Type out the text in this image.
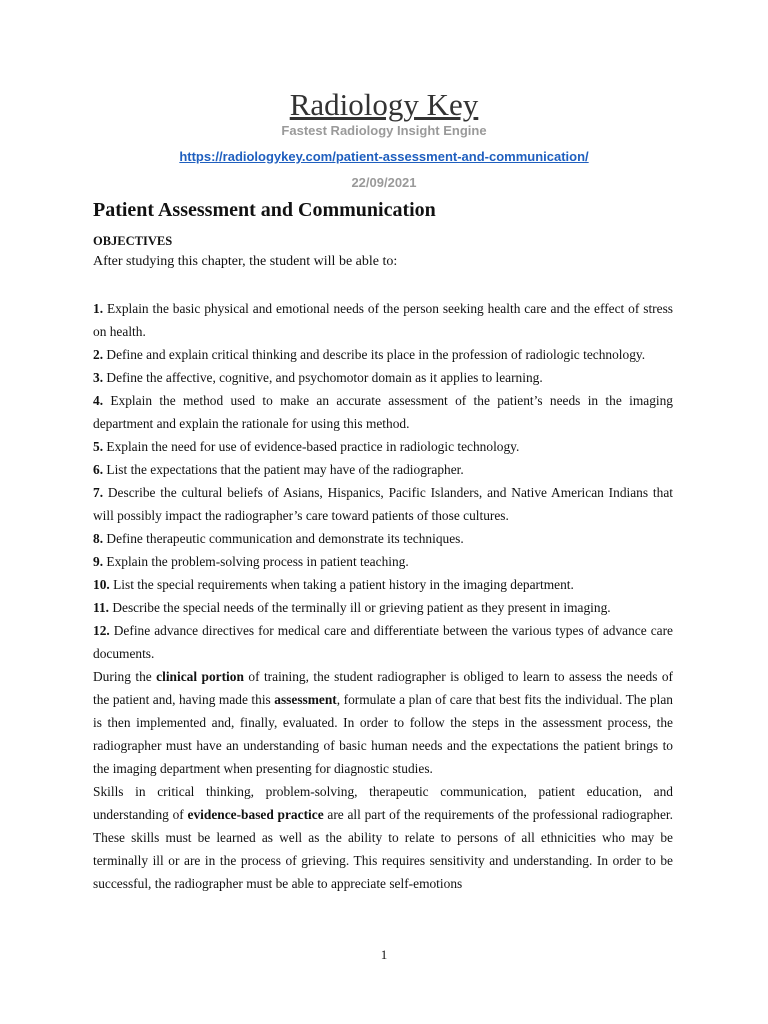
Radiology Key
Fastest Radiology Insight Engine
https://radiologykey.com/patient-assessment-and-communication/
22/09/2021
Patient Assessment and Communication
OBJECTIVES
After studying this chapter, the student will be able to:

1. Explain the basic physical and emotional needs of the person seeking health care and the effect of stress on health.

2. Define and explain critical thinking and describe its place in the profession of radiologic technology.

3. Define the affective, cognitive, and psychomotor domain as it applies to learning.

4. Explain the method used to make an accurate assessment of the patient’s needs in the imaging department and explain the rationale for using this method.

5. Explain the need for use of evidence-based practice in radiologic technology.

6. List the expectations that the patient may have of the radiographer.

7. Describe the cultural beliefs of Asians, Hispanics, Pacific Islanders, and Native American Indians that will possibly impact the radiographer’s care toward patients of those cultures.

8. Define therapeutic communication and demonstrate its techniques.

9. Explain the problem-solving process in patient teaching.

10. List the special requirements when taking a patient history in the imaging department.

11. Describe the special needs of the terminally ill or grieving patient as they present in imaging.

12. Define advance directives for medical care and differentiate between the various types of advance care documents.

During the clinical portion of training, the student radiographer is obliged to learn to assess the needs of the patient and, having made this assessment, formulate a plan of care that best fits the individual. The plan is then implemented and, finally, evaluated. In order to follow the steps in the assessment process, the radiographer must have an understanding of basic human needs and the expectations the patient brings to the imaging department when presenting for diagnostic studies.

Skills in critical thinking, problem-solving, therapeutic communication, patient education, and understanding of evidence-based practice are all part of the requirements of the professional radiographer. These skills must be learned as well as the ability to relate to persons of all ethnicities who may be terminally ill or are in the process of grieving. This requires sensitivity and understanding. In order to be successful, the radiographer must be able to appreciate self-emotions

1
